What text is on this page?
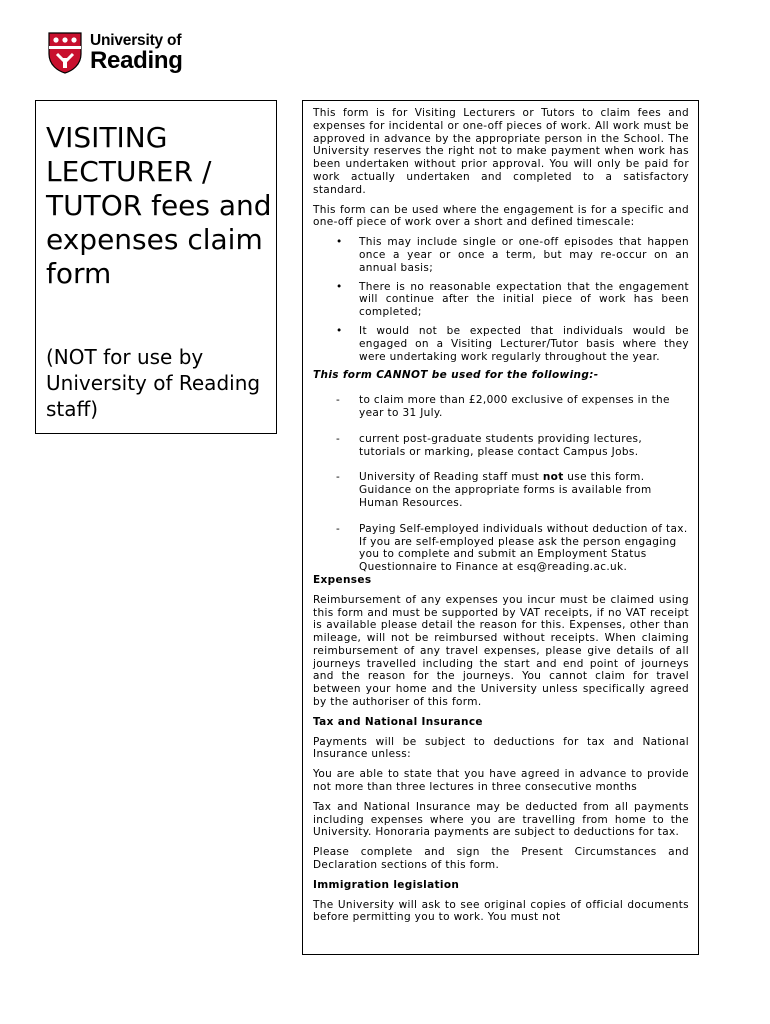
University of
Reading
VISITING LECTURER / TUTOR fees and expenses claim form

(NOT for use by University of Reading staff)

This form is for Visiting Lecturers or Tutors to claim fees and expenses for incidental or one-off pieces of work. All work must be approved in advance by the appropriate person in the School. The University reserves the right not to make payment when work has been undertaken without prior approval. You will only be paid for work actually undertaken and completed to a satisfactory standard.

This form can be used where the engagement is for a specific and one-off piece of work over a short and defined timescale:

• This may include single or one-off episodes that happen once a year or once a term, but may re-occur on an annual basis;
• There is no reasonable expectation that the engagement will continue after the initial piece of work has been completed;
• It would not be expected that individuals would be engaged on a Visiting Lecturer/Tutor basis where they were undertaking work regularly throughout the year.
This form CANNOT be used for the following:-
- to claim more than £2,000 exclusive of expenses in the year to 31 July.
- current post-graduate students providing lectures, tutorials or marking, please contact Campus Jobs.
- University of Reading staff must not use this form. Guidance on the appropriate forms is available from Human Resources.
- Paying Self-employed individuals without deduction of tax. If you are self-employed please ask the person engaging you to complete and submit an Employment Status Questionnaire to Finance at esq@reading.ac.uk.
Expenses

Reimbursement of any expenses you incur must be claimed using this form and must be supported by VAT receipts, if no VAT receipt is available please detail the reason for this. Expenses, other than mileage, will not be reimbursed without receipts. When claiming reimbursement of any travel expenses, please give details of all journeys travelled including the start and end point of journeys and the reason for the journeys. You cannot claim for travel between your home and the University unless specifically agreed by the authoriser of this form.

Tax and National Insurance

Payments will be subject to deductions for tax and National Insurance unless:

You are able to state that you have agreed in advance to provide not more than three lectures in three consecutive months

Tax and National Insurance may be deducted from all payments including expenses where you are travelling from home to the University. Honoraria payments are subject to deductions for tax.

Please complete and sign the Present Circumstances and Declaration sections of this form.

Immigration legislation

The University will ask to see original copies of official documents before permitting you to work. You must not
